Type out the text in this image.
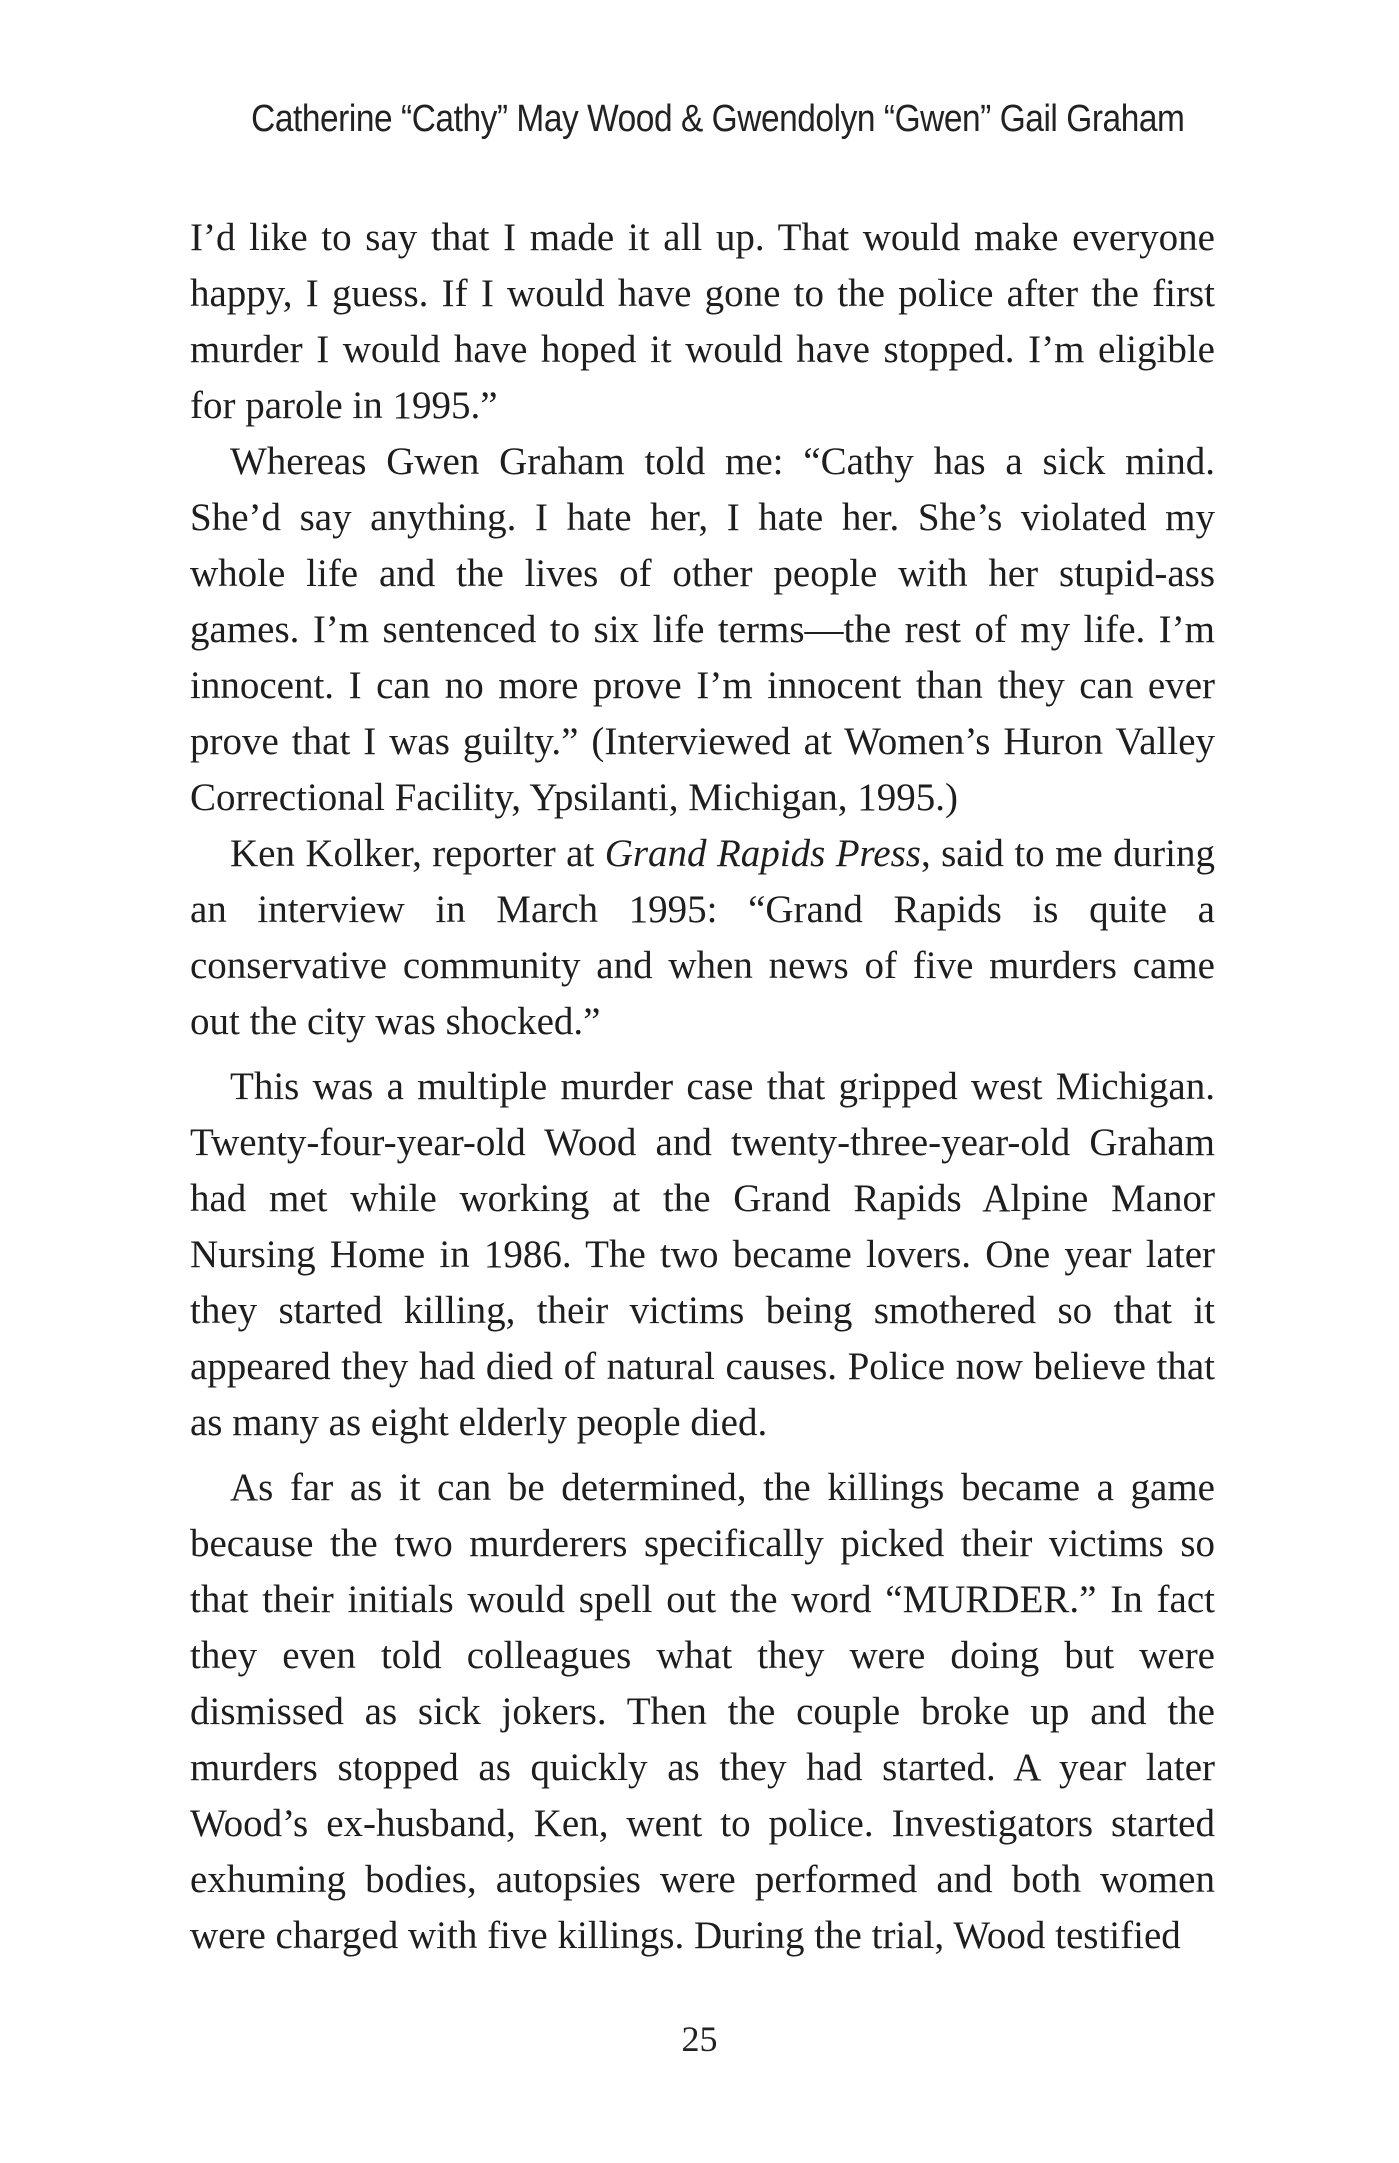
Catherine “Cathy” May Wood & Gwendolyn “Gwen” Gail Graham

I’d like to say that I made it all up. That would make everyone happy, I guess. If I would have gone to the police after the first murder I would have hoped it would have stopped. I’m eligible for parole in 1995.”

Whereas Gwen Graham told me: “Cathy has a sick mind. She’d say anything. I hate her, I hate her. She’s violated my whole life and the lives of other people with her stupid-ass games. I’m sentenced to six life terms—the rest of my life. I’m innocent. I can no more prove I’m innocent than they can ever prove that I was guilty.” (Interviewed at Women’s Huron Valley Correctional Facility, Ypsilanti, Michigan, 1995.)

Ken Kolker, reporter at Grand Rapids Press, said to me during an interview in March 1995: “Grand Rapids is quite a conservative community and when news of five murders came out the city was shocked.”

This was a multiple murder case that gripped west Michigan. Twenty-four-year-old Wood and twenty-three-year-old Graham had met while working at the Grand Rapids Alpine Manor Nursing Home in 1986. The two became lovers. One year later they started killing, their victims being smothered so that it appeared they had died of natural causes. Police now believe that as many as eight elderly people died.

As far as it can be determined, the killings became a game because the two murderers specifically picked their victims so that their initials would spell out the word “MURDER.” In fact they even told colleagues what they were doing but were dismissed as sick jokers. Then the couple broke up and the murders stopped as quickly as they had started. A year later Wood’s ex-husband, Ken, went to police. Investigators started exhuming bodies, autopsies were performed and both women were charged with five killings. During the trial, Wood testified

25
